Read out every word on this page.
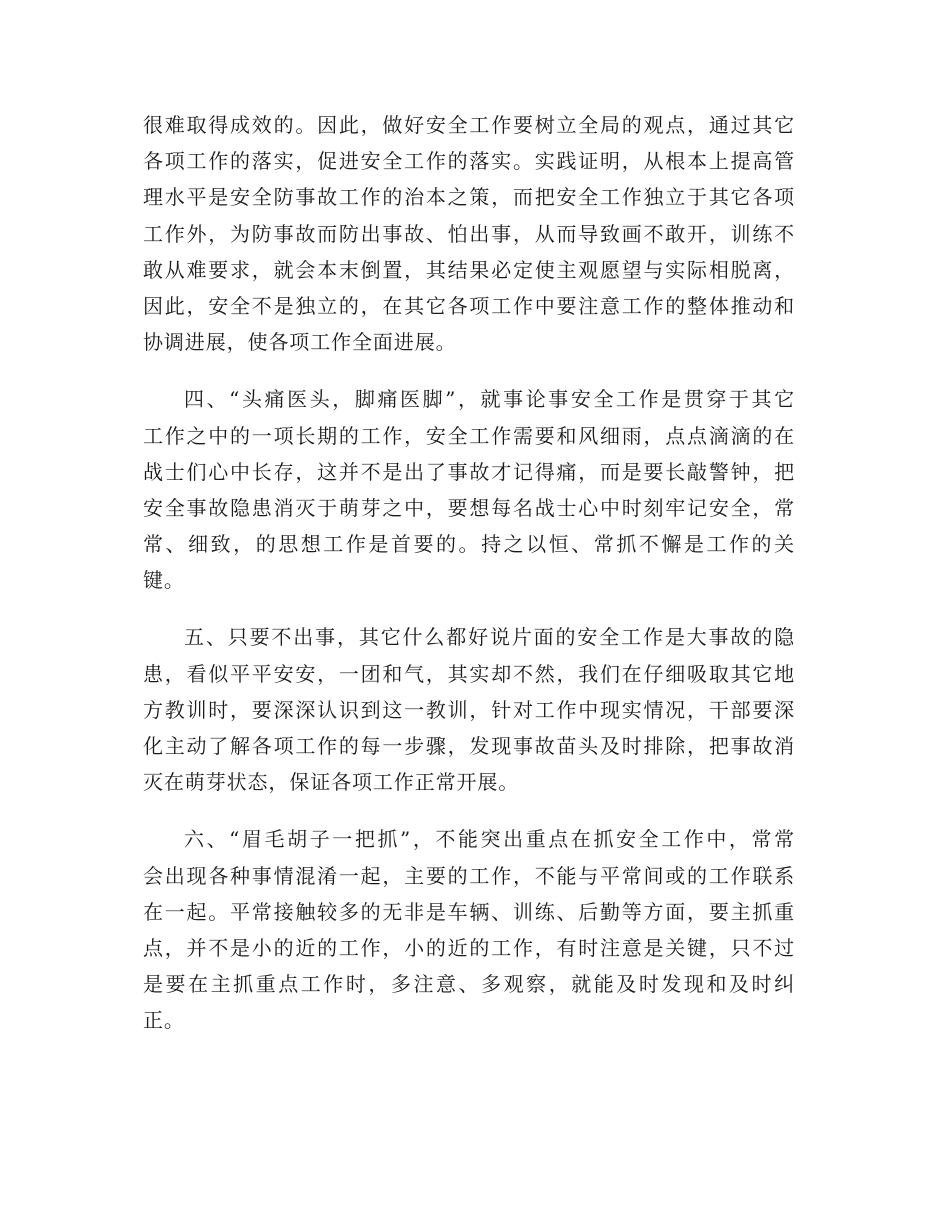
很难取得成效的。因此，做好安全工作要树立全局的观点，通过其它
各项工作的落实，促进安全工作的落实。实践证明，从根本上提高管
理水平是安全防事故工作的治本之策，而把安全工作独立于其它各项
工作外，为防事故而防出事故、怕出事，从而导致画不敢开，训练不
敢从难要求，就会本末倒置，其结果必定使主观愿望与实际相脱离，
因此，安全不是独立的，在其它各项工作中要注意工作的整体推动和
协调进展，使各项工作全面进展。
四、“头痛医头，脚痛医脚”，就事论事安全工作是贯穿于其它
工作之中的一项长期的工作，安全工作需要和风细雨，点点滴滴的在
战士们心中长存，这并不是出了事故才记得痛，而是要长敲警钟，把
安全事故隐患消灭于萌芽之中，要想每名战士心中时刻牢记安全，常
常、细致，的思想工作是首要的。持之以恒、常抓不懈是工作的关
键。
五、只要不出事，其它什么都好说片面的安全工作是大事故的隐
患，看似平平安安，一团和气，其实却不然，我们在仔细吸取其它地
方教训时，要深深认识到这一教训，针对工作中现实情况，干部要深
化主动了解各项工作的每一步骤，发现事故苗头及时排除，把事故消
灭在萌芽状态，保证各项工作正常开展。
六、“眉毛胡子一把抓”，不能突出重点在抓安全工作中，常常
会出现各种事情混淆一起，主要的工作，不能与平常间或的工作联系
在一起。平常接触较多的无非是车辆、训练、后勤等方面，要主抓重
点，并不是小的近的工作，小的近的工作，有时注意是关键，只不过
是要在主抓重点工作时，多注意、多观察，就能及时发现和及时纠
正。
